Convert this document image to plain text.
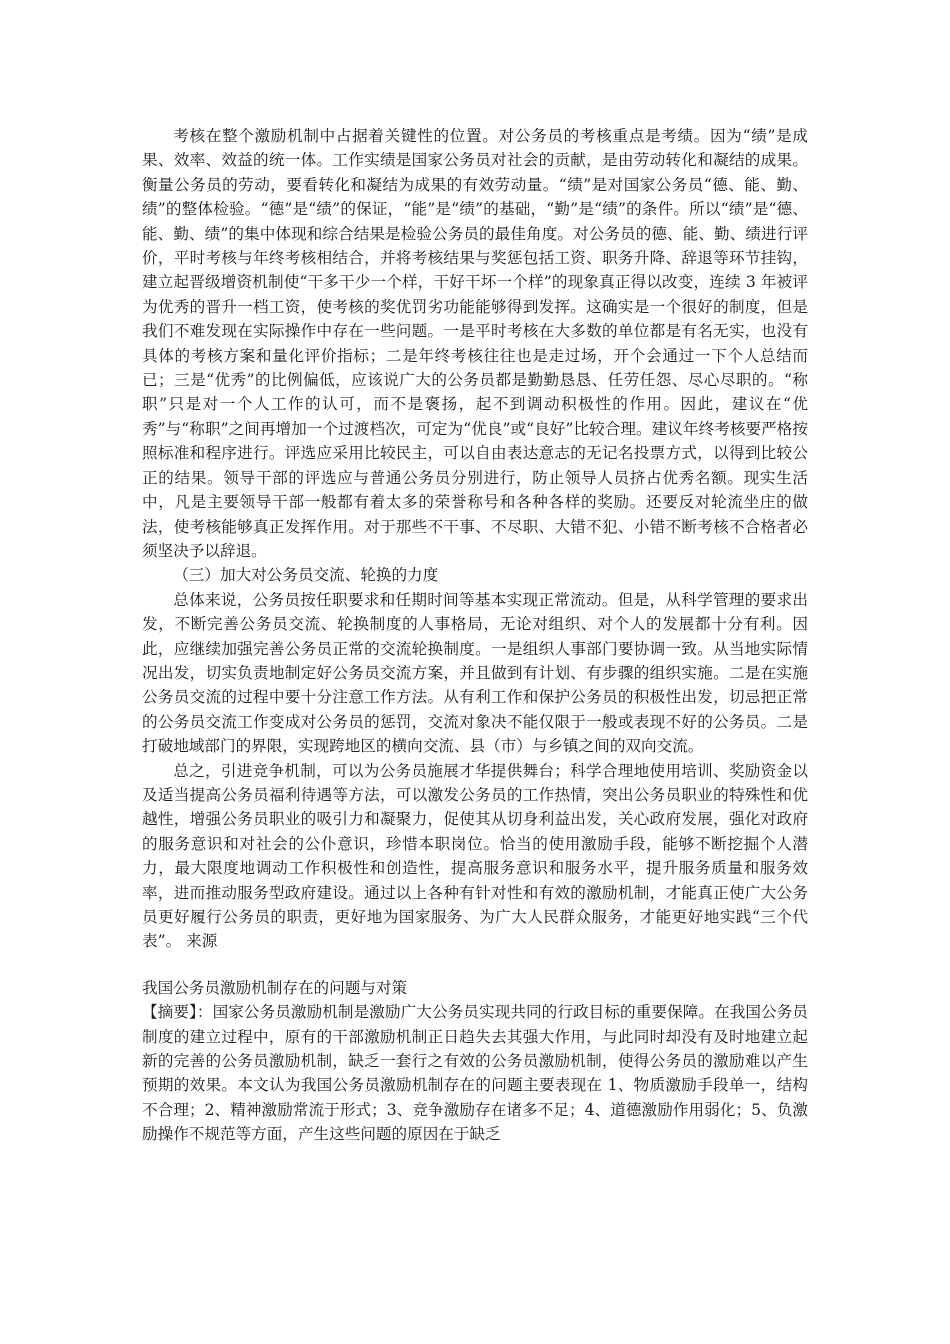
考核在整个激励机制中占据着关键性的位置。对公务员的考核重点是考绩。因为“绩”是成果、效率、效益的统一体。工作实绩是国家公务员对社会的贡献，是由劳动转化和凝结的成果。衡量公务员的劳动，要看转化和凝结为成果的有效劳动量。“绩”是对国家公务员“德、能、勤、绩”的整体检验。“德”是“绩”的保证，“能”是“绩”的基础，“勤”是“绩”的条件。所以“绩”是“德、能、勤、绩”的集中体现和综合结果是检验公务员的最佳角度。对公务员的德、能、勤、绩进行评价，平时考核与年终考核相结合，并将考核结果与奖惩包括工资、职务升降、辞退等环节挂钩，建立起晋级增资机制使“干多干少一个样，干好干坏一个样”的现象真正得以改变，连续 3 年被评为优秀的晋升一档工资，使考核的奖优罚劣功能能够得到发挥。这确实是一个很好的制度，但是我们不难发现在实际操作中存在一些问题。一是平时考核在大多数的单位都是有名无实，也没有具体的考核方案和量化评价指标；二是年终考核往往也是走过场，开个会通过一下个人总结而已；三是“优秀”的比例偏低，应该说广大的公务员都是勤勤恳恳、任劳任怨、尽心尽职的。“称职”只是对一个人工作的认可，而不是褒扬，起不到调动积极性的作用。因此，建议在“优秀”与“称职”之间再增加一个过渡档次，可定为“优良”或“良好”比较合理。建议年终考核要严格按照标准和程序进行。评选应采用比较民主，可以自由表达意志的无记名投票方式，以得到比较公正的结果。领导干部的评选应与普通公务员分别进行，防止领导人员挤占优秀名额。现实生活中，凡是主要领导干部一般都有着太多的荣誉称号和各种各样的奖励。还要反对轮流坐庄的做法，使考核能够真正发挥作用。对于那些不干事、不尽职、大错不犯、小错不断考核不合格者必须坚决予以辞退。

（三）加大对公务员交流、轮换的力度

总体来说，公务员按任职要求和任期时间等基本实现正常流动。但是，从科学管理的要求出发，不断完善公务员交流、轮换制度的人事格局，无论对组织、对个人的发展都十分有利。因此，应继续加强完善公务员正常的交流轮换制度。一是组织人事部门要协调一致。从当地实际情况出发，切实负责地制定好公务员交流方案，并且做到有计划、有步骤的组织实施。二是在实施公务员交流的过程中要十分注意工作方法。从有利工作和保护公务员的积极性出发，切忌把正常的公务员交流工作变成对公务员的惩罚，交流对象决不能仅限于一般或表现不好的公务员。二是打破地域部门的界限，实现跨地区的横向交流、县（市）与乡镇之间的双向交流。

总之，引进竞争机制，可以为公务员施展才华提供舞台；科学合理地使用培训、奖励资金以及适当提高公务员福利待遇等方法，可以激发公务员的工作热情，突出公务员职业的特殊性和优越性，增强公务员职业的吸引力和凝聚力，促使其从切身利益出发，关心政府发展，强化对政府的服务意识和对社会的公仆意识，珍惜本职岗位。恰当的使用激励手段，能够不断挖掘个人潜力，最大限度地调动工作积极性和创造性，提高服务意识和服务水平，提升服务质量和服务效率，进而推动服务型政府建设。通过以上各种有针对性和有效的激励机制，才能真正使广大公务员更好履行公务员的职责，更好地为国家服务、为广大人民群众服务，才能更好地实践“三个代表”。 来源

我国公务员激励机制存在的问题与对策

【摘要】：国家公务员激励机制是激励广大公务员实现共同的行政目标的重要保障。在我国公务员制度的建立过程中，原有的干部激励机制正日趋失去其强大作用，与此同时却没有及时地建立起新的完善的公务员激励机制，缺乏一套行之有效的公务员激励机制，使得公务员的激励难以产生预期的效果。本文认为我国公务员激励机制存在的问题主要表现在 1、物质激励手段单一，结构不合理；2、精神激励常流于形式；3、竞争激励存在诸多不足；4、道德激励作用弱化；5、负激励操作不规范等方面，产生这些问题的原因在于缺乏
